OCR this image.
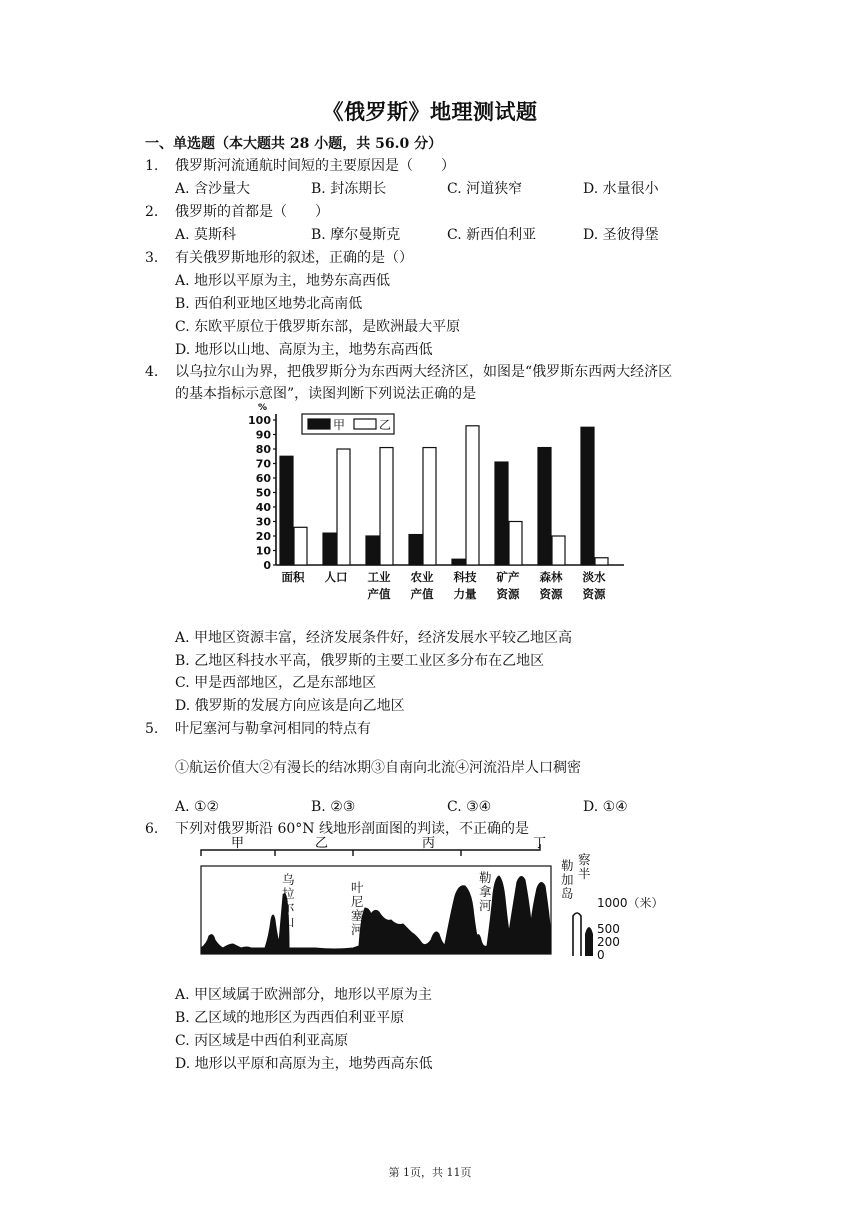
《俄罗斯》地理测试题
一、单选题（本大题共 28 小题，共 56.0 分）
1. 俄罗斯河流通航时间短的主要原因是（　　）
A. 含沙量大	B. 封冻期长	C. 河道狭窄	D. 水量很小
2. 俄罗斯的首都是（　　）
A. 莫斯科	B. 摩尔曼斯克	C. 新西伯利亚	D. 圣彼得堡
3. 有关俄罗斯地形的叙述，正确的是（）
A. 地形以平原为主，地势东高西低
B. 西伯利亚地区地势北高南低
C. 东欧平原位于俄罗斯东部，是欧洲最大平原
D. 地形以山地、高原为主，地势东高西低
4. 以乌拉尔山为界，把俄罗斯分为东西两大经济区，如图是“俄罗斯东西两大经济区
的基本指标示意图”，读图判断下列说法正确的是
%
0
10
20
30
40
50
60
70
80
90
100
面积 人口 工业
产值
农业
产值
科技
力量
矿产
资源
森林
资源
淡水
资源
甲	乙
A. 甲地区资源丰富，经济发展条件好，经济发展水平较乙地区高
B. 乙地区科技水平高，俄罗斯的主要工业区多分布在乙地区
C. 甲是西部地区，乙是东部地区
D. 俄罗斯的发展方向应该是向乙地区
5. 叶尼塞河与勒拿河相同的特点有
①航运价值大②有漫长的结冰期③自南向北流④河流沿岸人口稠密
A. ①②	B. ②③	C. ③④	D. ①④
6. 下列对俄罗斯沿 60°N 线地形剖面图的判读，不正确的是
甲	乙	丙	丁
乌拉尔山
叶尼塞河
勒拿河
勒加岛
察半
1000（米）
500
200
0
A. 甲区域属于欧洲部分，地形以平原为主
B. 乙区域的地形区为西西伯利亚平原
C. 丙区域是中西伯利亚高原
D. 地形以平原和高原为主，地势西高东低
第 1页，共 11页
